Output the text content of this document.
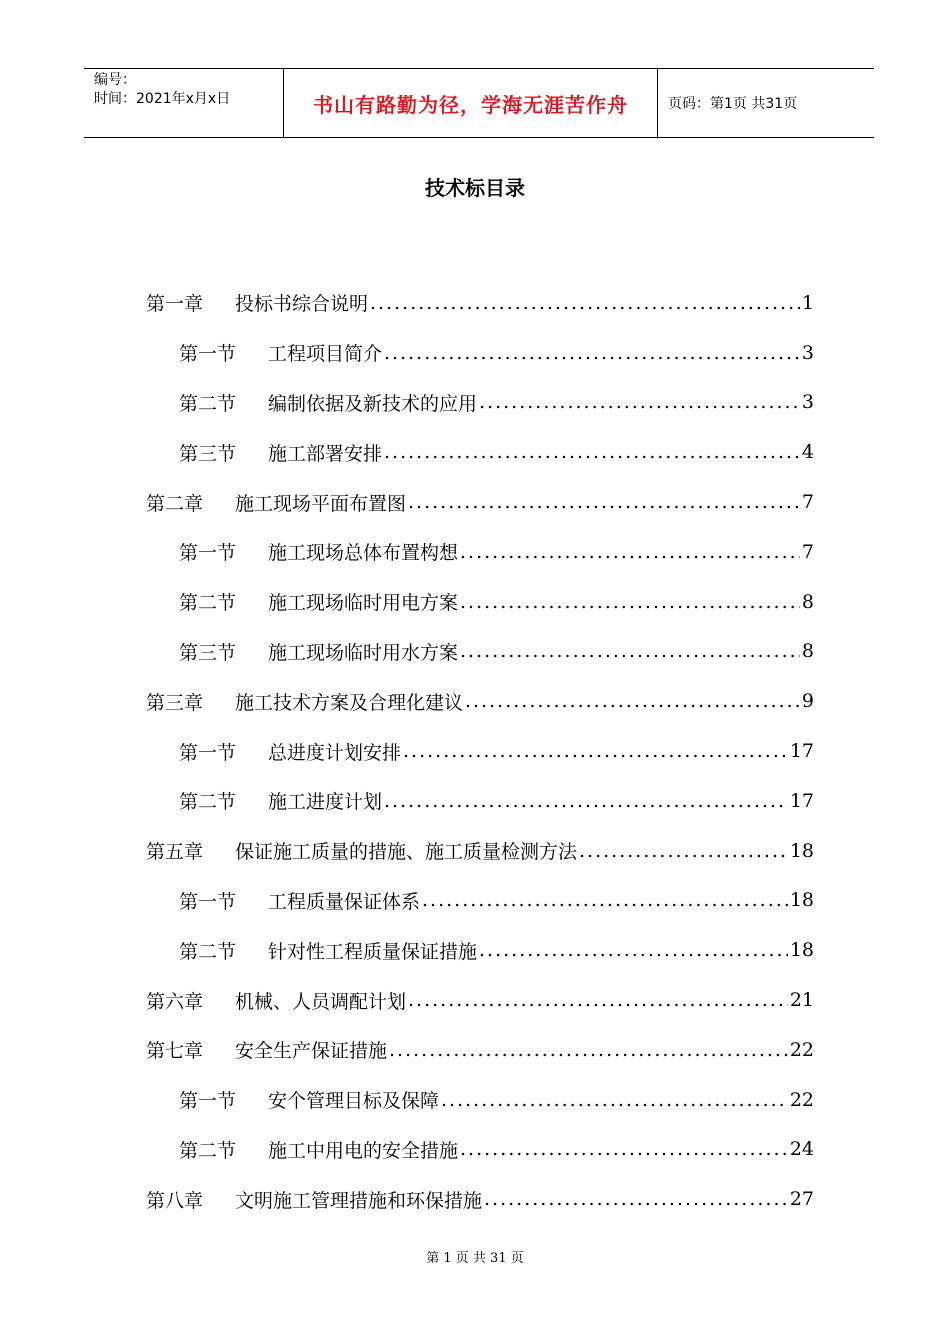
编号：
时间：2021年x月x日	书山有路勤为径，学海无涯苦作舟	页码：第1页 共31页
技术标目录
第一章	投标书综合说明 .....	1
第一节	工程项目简介 .....	3
第二节	编制依据及新技术的应用 .....	3
第三节	施工部署安排 .....	4
第二章	施工现场平面布置图 .....	7
第一节	施工现场总体布置构想 .....	7
第二节	施工现场临时用电方案 .....	8
第三节	施工现场临时用水方案 .....	8
第三章	施工技术方案及合理化建议 .....	9
第一节	总进度计划安排 .....	17
第二节	施工进度计划 .....	17
第五章	保证施工质量的措施、施工质量检测方法 .....	18
第一节	工程质量保证体系 .....	18
第二节	针对性工程质量保证措施 .....	18
第六章	机械、人员调配计划 .....	21
第七章	安全生产保证措施 .....	22
第一节	安个管理目标及保障 .....	22
第二节	施工中用电的安全措施 .....	24
第八章	文明施工管理措施和环保措施 .....	27
第 1 页 共 31 页
